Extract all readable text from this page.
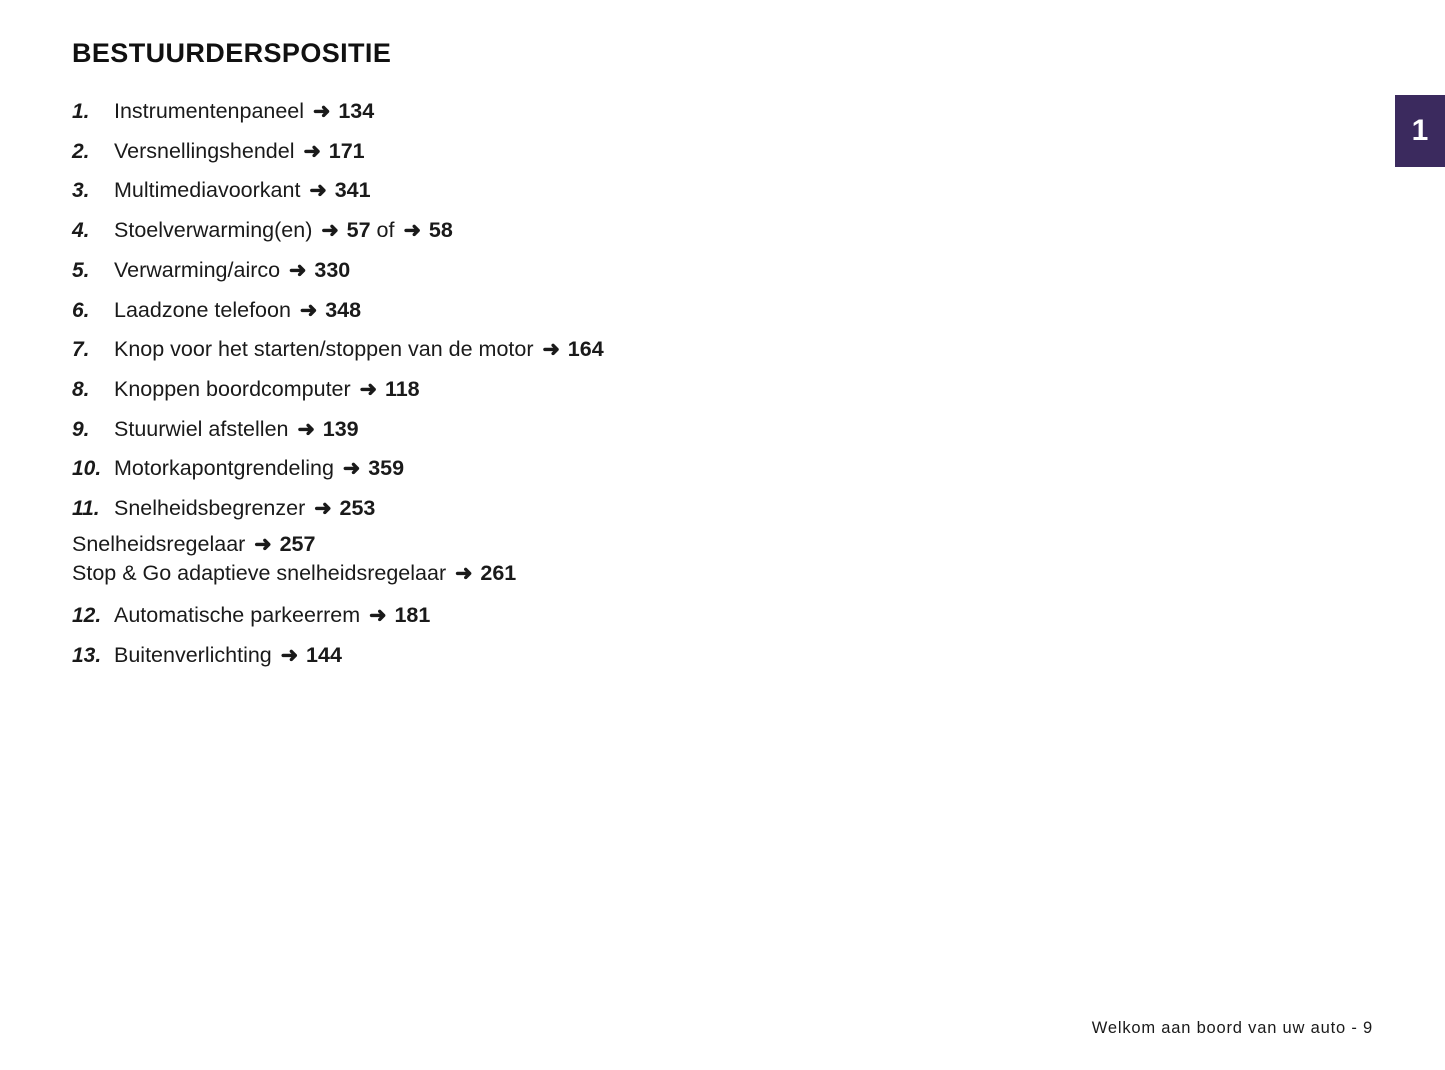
1
BESTUURDERSPOSITIE
1.	Instrumentenpaneel ➜ 134
2.	Versnellingshendel ➜ 171
3.	Multimediavoorkant ➜ 341
4.	Stoelverwarming(en) ➜ 57 of ➜ 58
5.	Verwarming/airco ➜ 330
6.	Laadzone telefoon ➜ 348
7.	Knop voor het starten/stoppen van de motor ➜ 164
8.	Knoppen boordcomputer ➜ 118
9.	Stuurwiel afstellen ➜ 139
10. Motorkapontgrendeling ➜ 359
11. Snelheidsbegrenzer ➜ 253
Snelheidsregelaar ➜ 257
Stop & Go adaptieve snelheidsregelaar ➜ 261
12. Automatische parkeerrem ➜ 181
13. Buitenverlichting ➜ 144
Welkom aan boord van uw auto - 9
